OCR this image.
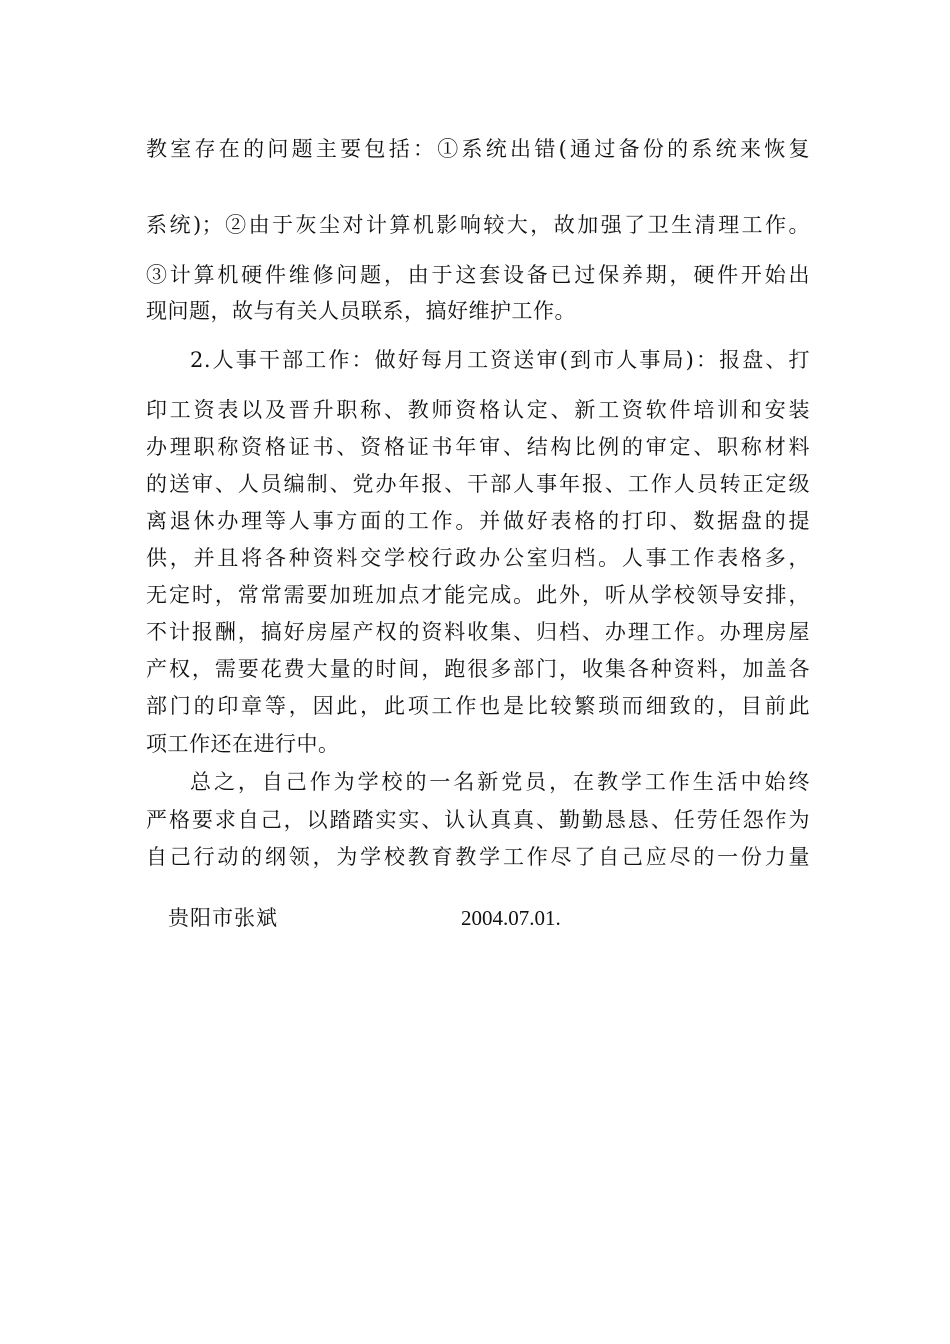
教室存在的问题主要包括：①系统出错(通过备份的系统来恢复
系统)；②由于灰尘对计算机影响较大，故加强了卫生清理工作。
③计算机硬件维修问题，由于这套设备已过保养期，硬件开始出
现问题，故与有关人员联系，搞好维护工作。
2.人事干部工作：做好每月工资送审(到市人事局)：报盘、打
印工资表以及晋升职称、教师资格认定、新工资软件培训和安装
办理职称资格证书、资格证书年审、结构比例的审定、职称材料
的送审、人员编制、党办年报、干部人事年报、工作人员转正定级
离退休办理等人事方面的工作。并做好表格的打印、数据盘的提
供，并且将各种资料交学校行政办公室归档。人事工作表格多，
无定时，常常需要加班加点才能完成。此外，听从学校领导安排，
不计报酬，搞好房屋产权的资料收集、归档、办理工作。办理房屋
产权，需要花费大量的时间，跑很多部门，收集各种资料，加盖各
部门的印章等，因此，此项工作也是比较繁琐而细致的，目前此
项工作还在进行中。
总之，自己作为学校的一名新党员，在教学工作生活中始终
严格要求自己，以踏踏实实、认认真真、勤勤恳恳、任劳任怨作为
自己行动的纲领，为学校教育教学工作尽了自己应尽的一份力量
贵阳市张斌	2004.07.01.
